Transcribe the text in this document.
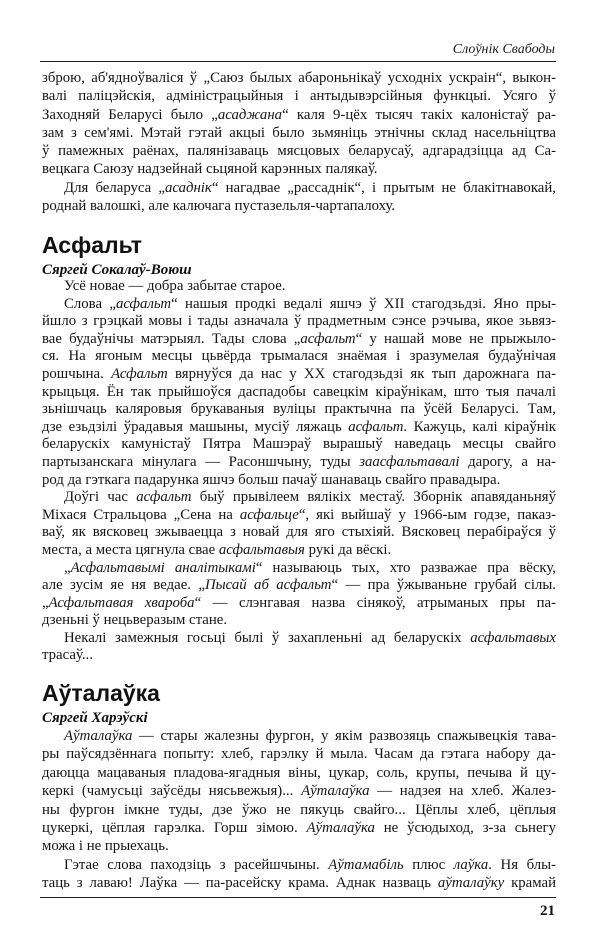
Слоўнік Свабоды
зброю, аб'ядноўваліся ў „Саюз былых абароньнікаў усходніх ускраін“, выкон-
валі паліцэйскія, адміністрацыйныя і антыдывэрсійныя функцыі. Усяго ў
Заходняй Беларусі было „асаджана“ каля 9-цёх тысяч такіх калоністаў ра-
зам з сем'ямі. Мэтай гэтай акцыі было зьмяніць этнічны склад насельніцтва
ў памежных раёнах, палянізаваць мясцовых беларусаў, адгарадзіцца ад Са-
вецкага Саюзу надзейнай сьцяной карэнных палякаў.
Для беларуса „асаднік“ нагадвае „рассаднік“, і прытым не блакітнавокай,
роднай валошкі, але калючага пустазельля-чартапалоху.
Асфальт
Сяргей Сокалаў-Воюш
Усё новае — добра забытае старое.
Слова „асфальт“ нашыя продкі ведалі яшчэ ў XII стагодзьдзі. Яно пры-
йшло з грэцкай мовы і тады азначала ў прадметным сэнсе рэчыва, якое зьвяз-
вае будаўнічы матэрыял. Тады слова „асфальт“ у нашай мове не прыжыло-
ся. На ягоным месцы цьвёрда трымалася знаёмая і зразумелая будаўнічая
рошчына. Асфальт вярнуўся да нас у XX стагодзьдзі як тып дарожнага па-
крыцьця. Ён так прыйшоўся даспадобы савецкім кіраўнікам, што тыя пачалі
зьнішчаць каляровыя брукаваныя вуліцы практычна па ўсёй Беларусі. Там,
дзе езьдзілі ўрадавыя машыны, мусіў ляжаць асфальт. Кажуць, калі кіраўнік
беларускіх камуністаў Пятра Машэраў вырашыў наведаць месцы свайго
партызанскага мінулага — Расоншчыну, туды заасфальтавалі дарогу, а на-
род да гэткага падарунка яшчэ больш пачаў шанаваць свайго правадыра.
Доўгі час асфальт быў прывілеем вялікіх местаў. Зборнік апавяданьняў
Міхася Стральцова „Сена на асфальце“, які выйшаў у 1966-ым годзе, паказ-
ваў, як вясковец зжываецца з новай для яго стыхіяй. Вясковец перабіраўся ў
места, а места цягнула свае асфальтавыя рукі да вёскі.
„Асфальтавымі аналітыкамі“ называюць тых, хто разважае пра вёску,
але зусім яе ня ведае. „Пысай аб асфальт“ — пра ўжываньне грубай сілы.
„Асфальтавая хвароба“ — слэнгавая назва сінякоў, атрыманых пры па-
дзеньні ў нецьверазым стане.
Некалі замежныя госьці былі ў захапленьні ад беларускіх асфальтавых
трасаў...
Аўталаўка
Сяргей Харэўскі
Аўталаўка — стары жалезны фургон, у якім развозяць спажывецкія тава-
ры паўсядзённага попыту: хлеб, гарэлку й мыла. Часам да гэтага набору да-
даюцца мацаваныя пладова-ягадныя віны, цукар, соль, крупы, печыва й цу-
керкі (чамусьці заўсёды нясьвежыя)... Аўталаўка — надзея на хлеб. Жалез-
ны фургон імкне туды, дзе ўжо не пякуць свайго... Цёплы хлеб, цёплыя
цукеркі, цёплая гарэлка. Горш зімою. Аўталаўка не ўсюдыход, з-за сьнегу
можа і не прыехаць.
Гэтае слова паходзіць з расейшчыны. Аўтамабіль плюс лаўка. Ня блы-
таць з лаваю! Лаўка — па-расейску крама. Аднак назваць аўталаўку крамай
21
